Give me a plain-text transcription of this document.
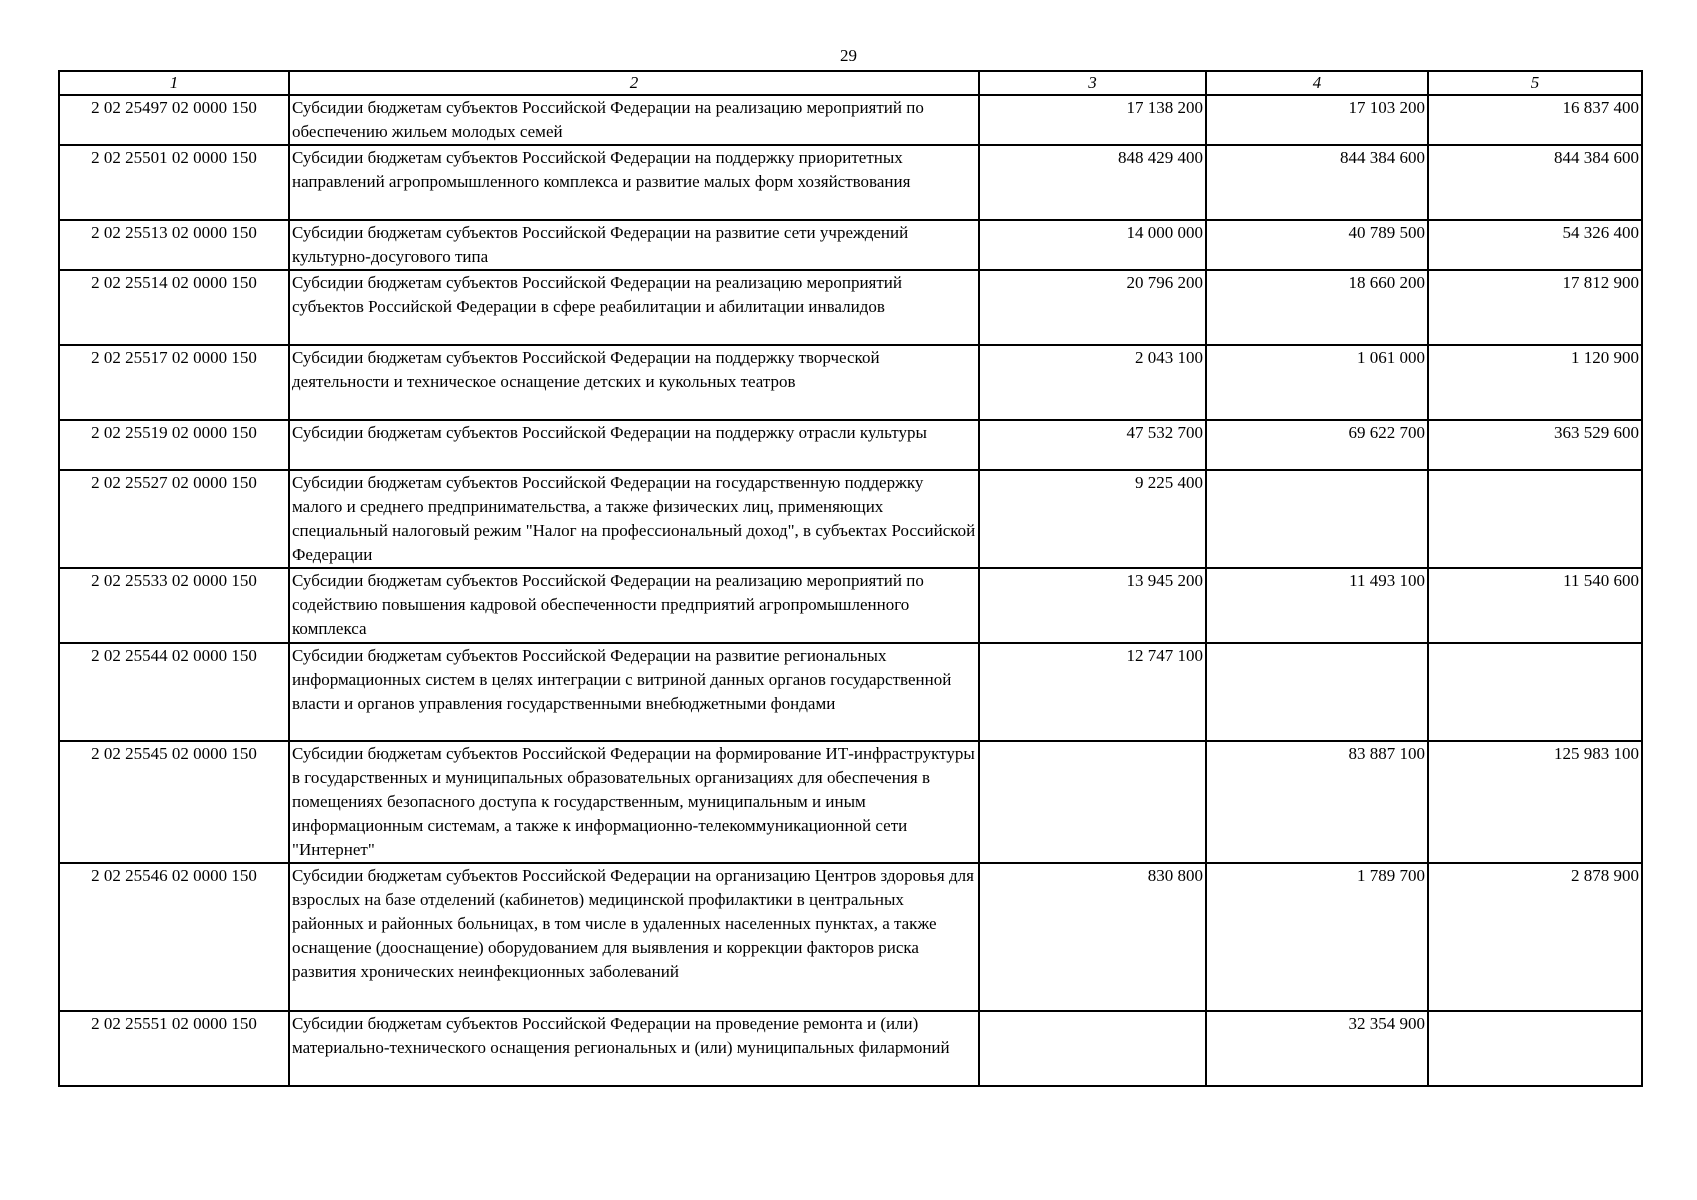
29
1	2	3	4	5
2 02 25497 02 0000 150	Субсидии бюджетам субъектов Российской Федерации на реализацию мероприятий по обеспечению жильем молодых семей	17 138 200	17 103 200	16 837 400
2 02 25501 02 0000 150	Субсидии бюджетам субъектов Российской Федерации на поддержку приоритетных направлений агропромышленного комплекса и развитие малых форм хозяйствования	848 429 400	844 384 600	844 384 600
2 02 25513 02 0000 150	Субсидии бюджетам субъектов Российской Федерации на развитие сети учреждений культурно-досугового типа	14 000 000	40 789 500	54 326 400
2 02 25514 02 0000 150	Субсидии бюджетам субъектов Российской Федерации на реализацию мероприятий субъектов Российской Федерации в сфере реабилитации и абилитации инвалидов	20 796 200	18 660 200	17 812 900
2 02 25517 02 0000 150	Субсидии бюджетам субъектов Российской Федерации на поддержку творческой деятельности и техническое оснащение детских и кукольных театров	2 043 100	1 061 000	1 120 900
2 02 25519 02 0000 150	Субсидии бюджетам субъектов Российской Федерации на поддержку отрасли культуры	47 532 700	69 622 700	363 529 600
2 02 25527 02 0000 150	Субсидии бюджетам субъектов Российской Федерации на государственную поддержку малого и среднего предпринимательства, а также физических лиц, применяющих специальный налоговый режим "Налог на профессиональный доход", в субъектах Российской Федерации	9 225 400		
2 02 25533 02 0000 150	Субсидии бюджетам субъектов Российской Федерации на реализацию мероприятий по содействию повышения кадровой обеспеченности предприятий агропромышленного комплекса	13 945 200	11 493 100	11 540 600
2 02 25544 02 0000 150	Субсидии бюджетам субъектов Российской Федерации на развитие региональных информационных систем в целях интеграции с витриной данных органов государственной власти и органов управления государственными внебюджетными фондами	12 747 100		
2 02 25545 02 0000 150	Субсидии бюджетам субъектов Российской Федерации на формирование ИТ-инфраструктуры в государственных и муниципальных образовательных организациях для обеспечения в помещениях безопасного доступа к государственным, муниципальным и иным информационным системам, а также к информационно-телекоммуникационной сети "Интернет"		83 887 100	125 983 100
2 02 25546 02 0000 150	Субсидии бюджетам субъектов Российской Федерации на организацию Центров здоровья для взрослых на базе отделений (кабинетов) медицинской профилактики в центральных районных и районных больницах, в том числе в удаленных населенных пунктах, а также оснащение (дооснащение) оборудованием для выявления и коррекции факторов риска развития хронических неинфекционных заболеваний	830 800	1 789 700	2 878 900
2 02 25551 02 0000 150	Субсидии бюджетам субъектов Российской Федерации на проведение ремонта и (или) материально-технического оснащения региональных и (или) муниципальных филармоний		32 354 900	
